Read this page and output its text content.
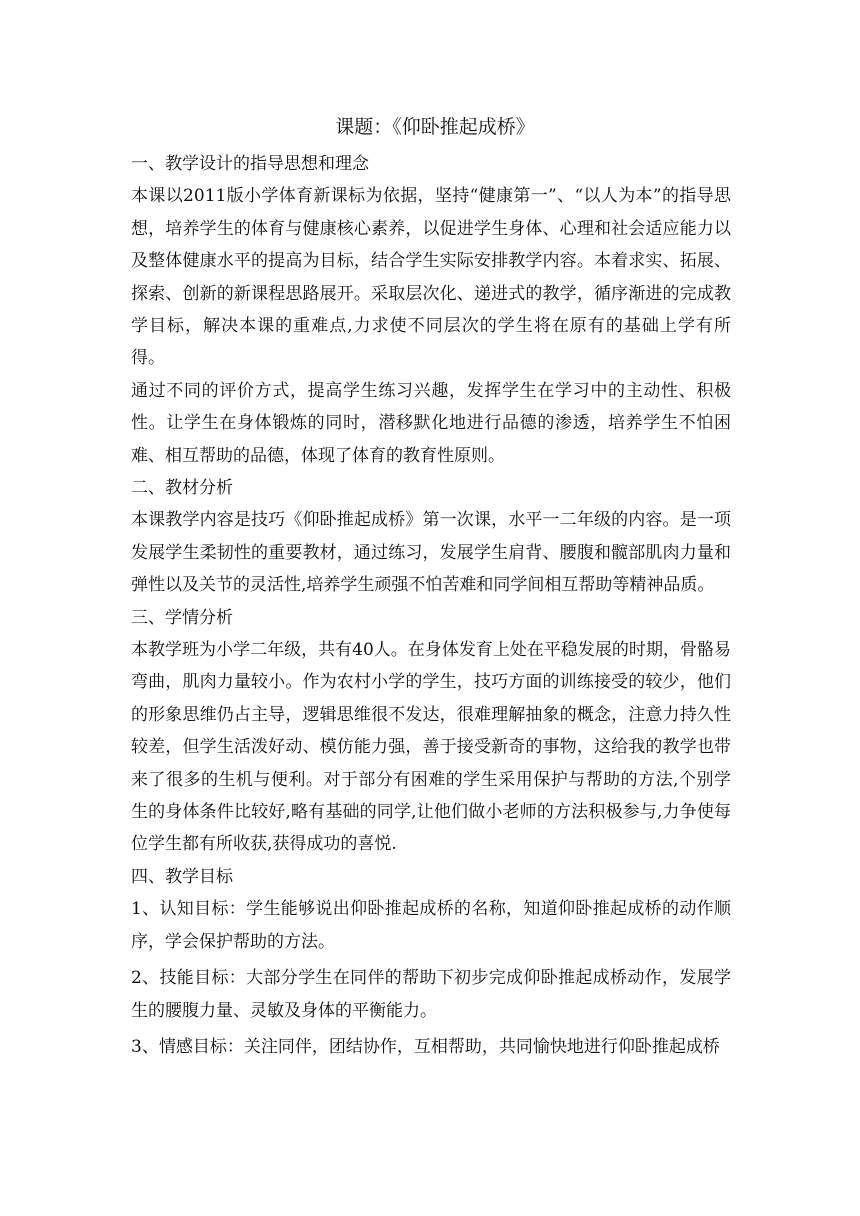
课题：《仰卧推起成桥》
一、教学设计的指导思想和理念

本课以2011版小学体育新课标为依据，坚持“健康第一”、“以人为本”的指导思想，培养学生的体育与健康核心素养，以促进学生身体、心理和社会适应能力以及整体健康水平的提高为目标，结合学生实际安排教学内容。本着求实、拓展、探索、创新的新课程思路展开。采取层次化、递进式的教学，循序渐进的完成教学目标，解决本课的重难点,力求使不同层次的学生将在原有的基础上学有所得。

通过不同的评价方式，提高学生练习兴趣，发挥学生在学习中的主动性、积极性。让学生在身体锻炼的同时，潜移默化地进行品德的渗透，培养学生不怕困难、相互帮助的品德，体现了体育的教育性原则。

二、教材分析

本课教学内容是技巧《仰卧推起成桥》第一次课，水平一二年级的内容。是一项发展学生柔韧性的重要教材，通过练习，发展学生肩背、腰腹和髋部肌肉力量和弹性以及关节的灵活性,培养学生顽强不怕苦难和同学间相互帮助等精神品质。

三、学情分析

本教学班为小学二年级，共有40人。在身体发育上处在平稳发展的时期，骨骼易弯曲，肌肉力量较小。作为农村小学的学生，技巧方面的训练接受的较少，他们的形象思维仍占主导，逻辑思维很不发达，很难理解抽象的概念，注意力持久性较差，但学生活泼好动、模仿能力强，善于接受新奇的事物，这给我的教学也带来了很多的生机与便利。对于部分有困难的学生采用保护与帮助的方法,个别学生的身体条件比较好,略有基础的同学,让他们做小老师的方法积极参与,力争使每位学生都有所收获,获得成功的喜悦.

四、教学目标

1、认知目标：学生能够说出仰卧推起成桥的名称，知道仰卧推起成桥的动作顺序，学会保护帮助的方法。

2、技能目标：大部分学生在同伴的帮助下初步完成仰卧推起成桥动作，发展学生的腰腹力量、灵敏及身体的平衡能力。

3、情感目标：关注同伴，团结协作，互相帮助，共同愉快地进行仰卧推起成桥
